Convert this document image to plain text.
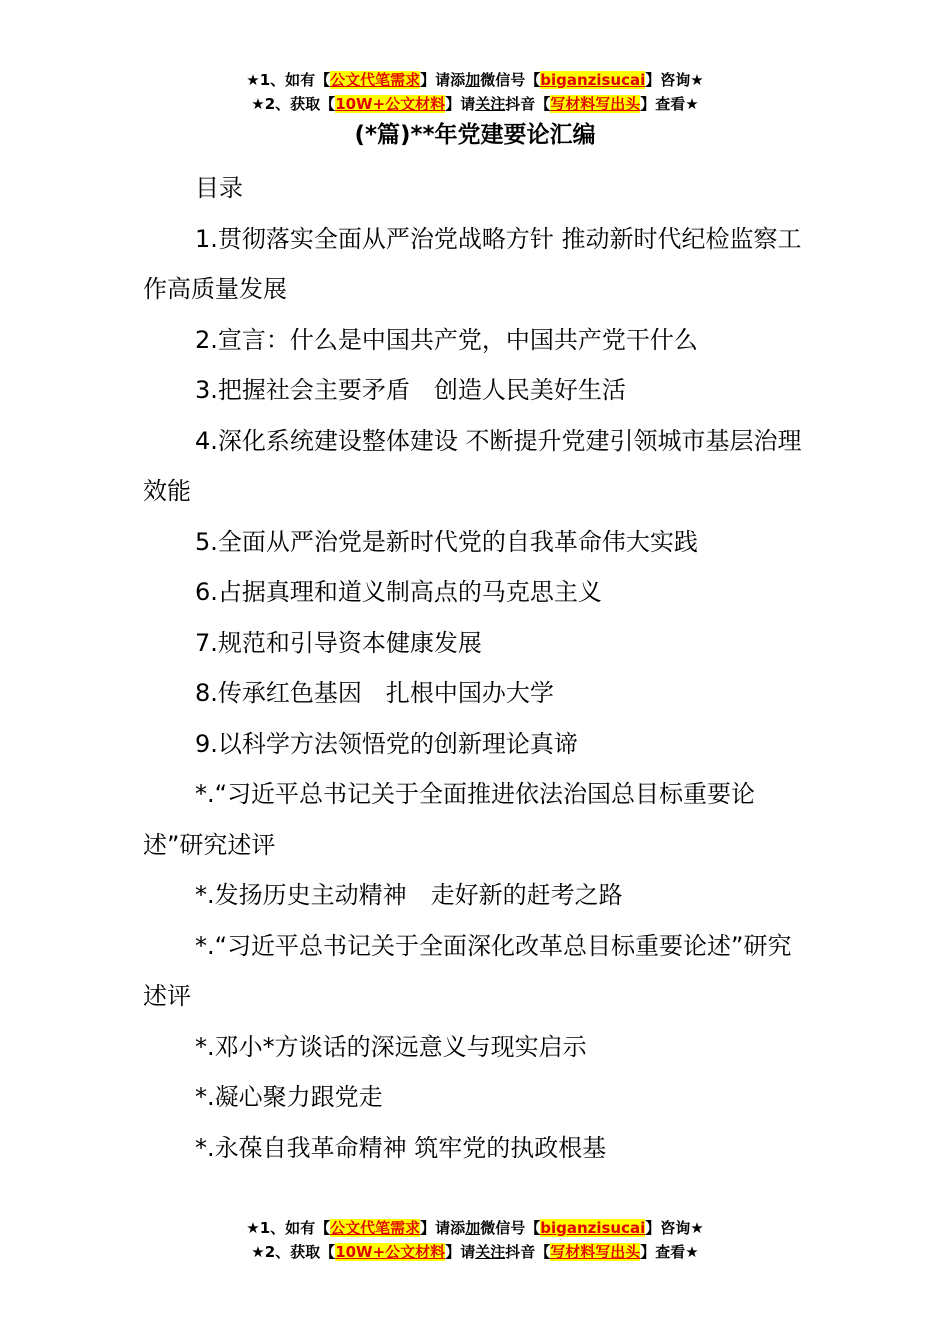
★1、如有【公文代笔需求】请添加微信号【biganzisucai】咨询★
★2、获取【10W+公文材料】请关注抖音【写材料写出头】查看★
(*篇)**年党建要论汇编

目录

1.贯彻落实全面从严治党战略方针 推动新时代纪检监察工作高质量发展

2.宣言：什么是中国共产党，中国共产党干什么

3.把握社会主要矛盾　创造人民美好生活

4.深化系统建设整体建设 不断提升党建引领城市基层治理效能

5.全面从严治党是新时代党的自我革命伟大实践

6.占据真理和道义制高点的马克思主义

7.规范和引导资本健康发展

8.传承红色基因　扎根中国办大学

9.以科学方法领悟党的创新理论真谛

*.“习近平总书记关于全面推进依法治国总目标重要论述”研究述评

*.发扬历史主动精神　走好新的赶考之路

*.“习近平总书记关于全面深化改革总目标重要论述”研究述评

*.邓小*方谈话的深远意义与现实启示

*.凝心聚力跟党走

*.永葆自我革命精神 筑牢党的执政根基

★1、如有【公文代笔需求】请添加微信号【biganzisucai】咨询★
★2、获取【10W+公文材料】请关注抖音【写材料写出头】查看★
